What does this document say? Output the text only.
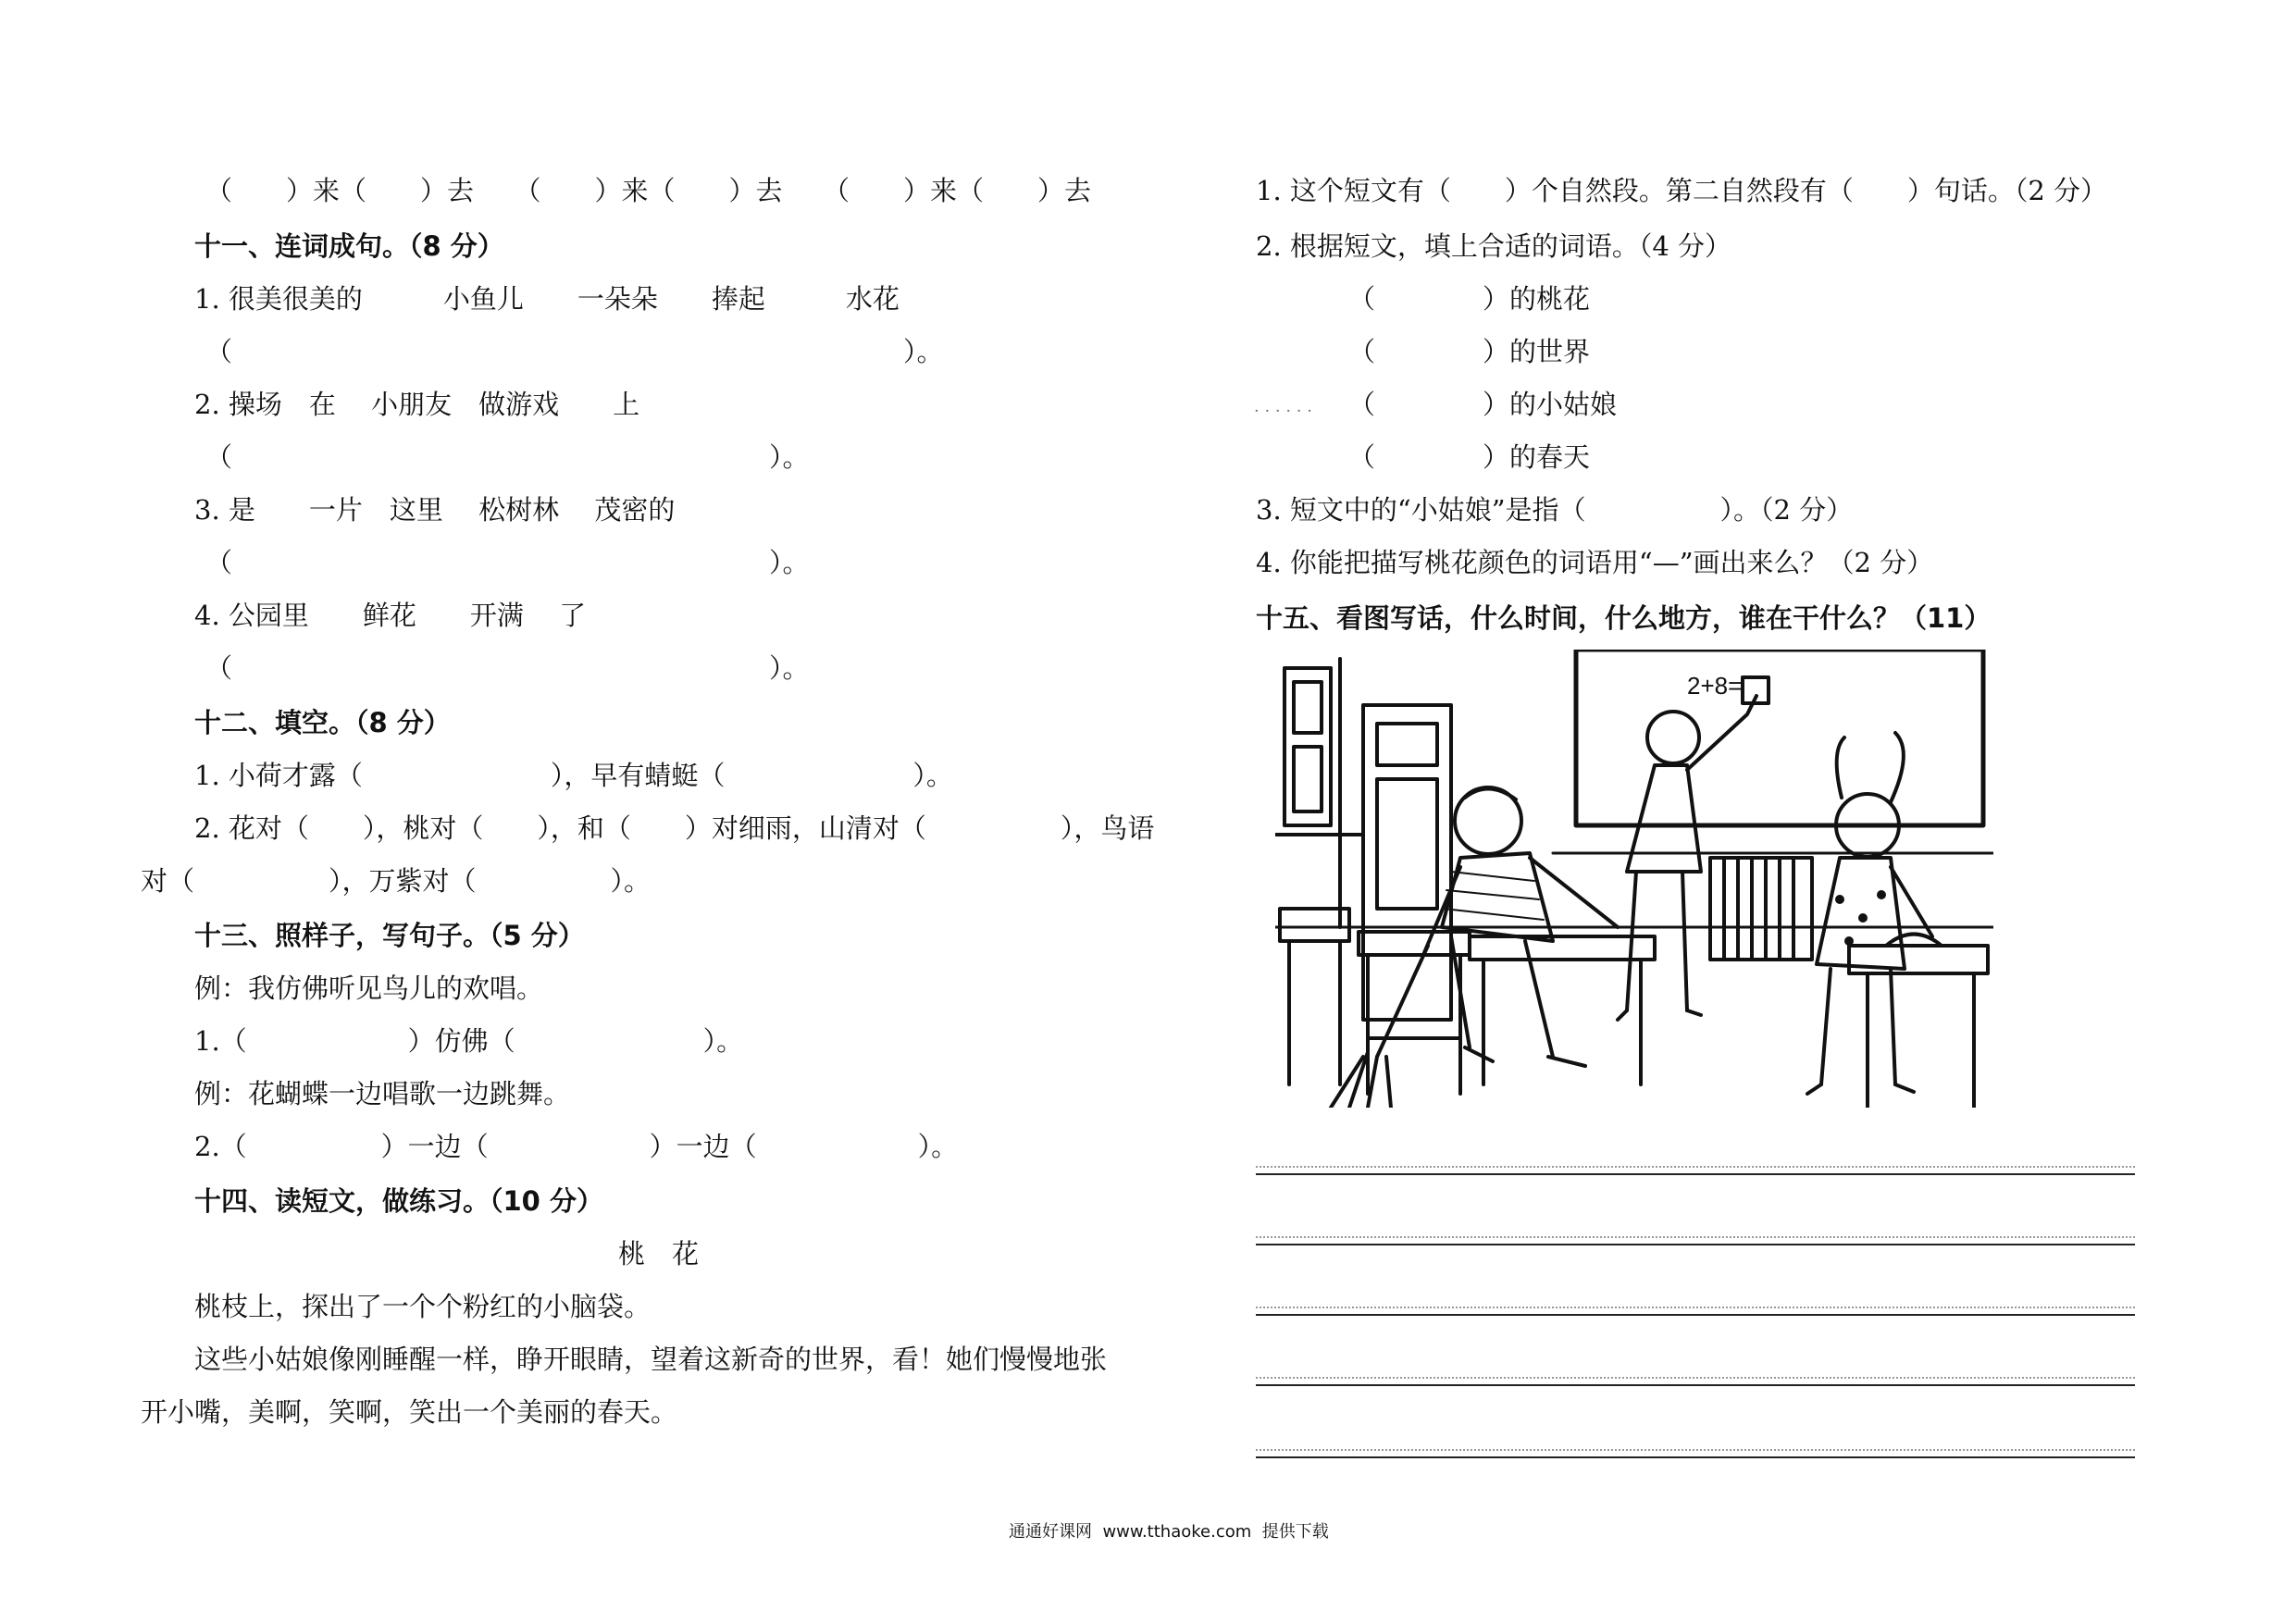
（　　）来（　　）去　　（　　）来（　　）去　　（　　）来（　　）去
十一、连词成句。（8 分）
1. 很美很美的　　　小鱼儿　　一朵朵　　捧起　　　水花
（　　　　　　　　　　　　　　　　　　　　　　　　　）。
2. 操场　在　 小朋友　做游戏　　上
（　　　　　　　　　　　　　　　　　　　　）。
3. 是　　一片　这里　 松树林　 茂密的
（　　　　　　　　　　　　　　　　　　　　）。
4. 公园里　　鲜花　　开满　 了
（　　　　　　　　　　　　　　　　　　　　）。
十二、填空。（8 分）
1. 小荷才露（　　　　　　　），早有蜻蜓（　　　　　　　）。
2. 花对（　　），桃对（　　），和（　　）对细雨，山清对（　　　　　），鸟语
对（　　　　　），万紫对（　　　　　）。
十三、照样子，写句子。（5 分）
例：我仿佛听见鸟儿的欢唱。
1.（　　　　　　）仿佛（　　　　　　　）。
例：花蝴蝶一边唱歌一边跳舞。
2.（　　　　　）一边（　　　　　　）一边（　　　　　　）。
十四、读短文，做练习。（10 分）
桃　花
桃枝上，探出了一个个粉红的小脑袋。
这些小姑娘像刚睡醒一样，睁开眼睛，望着这新奇的世界，看！她们慢慢地张
开小嘴，美啊，笑啊，笑出一个美丽的春天。
1. 这个短文有（　　）个自然段。第二自然段有（　　）句话。（2 分）
2. 根据短文，填上合适的词语。（4 分）
（　　　　）的桃花
（　　　　）的世界
· · · · · · （　　　　）的小姑娘
（　　　　）的春天
3. 短文中的“小姑娘”是指（　　　　　）。（2 分）
4. 你能把描写桃花颜色的词语用“—”画出来么？（2 分）
十五、看图写话，什么时间，什么地方，谁在干什么？（11）
2+8=
通通好课网  www.tthaoke.com  提供下载
